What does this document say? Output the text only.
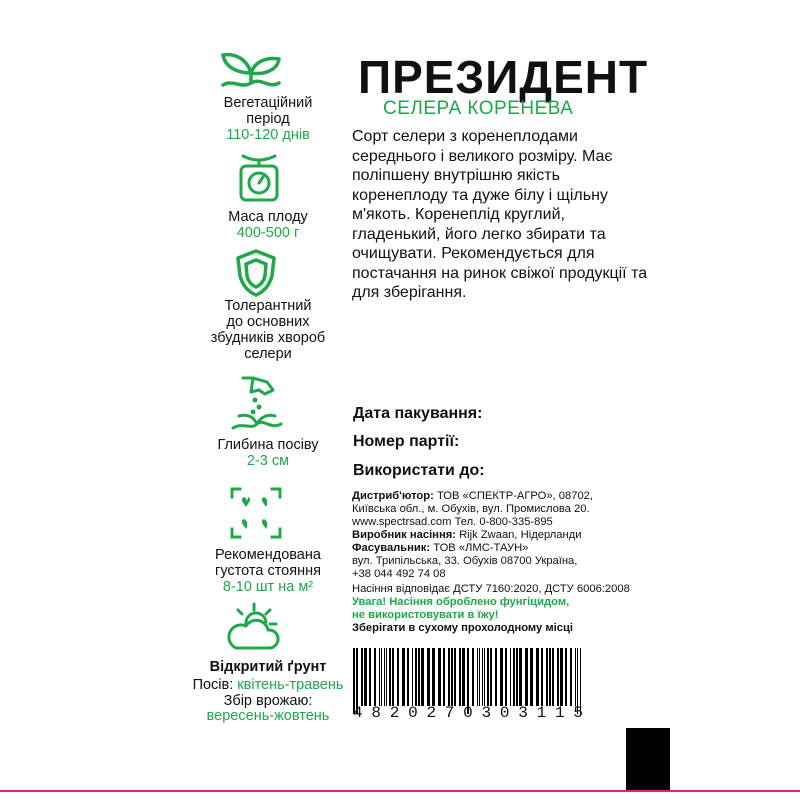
Вегетаційний
період
110-120 днів
Маса плоду
400-500 г
Толерантний
до основних
збудників хвороб
селери
Глибина посіву
2-3 см
Рекомендована
густота стояння
8-10 шт на м²
Відкритий ґрунт
Посів: квітень-травень
Збір врожаю:
вересень-жовтень
ПРЕЗИДЕНТ
СЕЛЕРА КОРЕНЕВА
Сорт селери з коренеплодами середнього і великого розміру. Має поліпшену внутрішню якість коренеплоду та дуже білу і щільну м'якоть. Коренеплід круглий, гладенький, його легко збирати та очищувати. Рекомендується для постачання на ринок свіжої продукції та для зберігання.
Дата пакування:
Номер партії:
Використати до:
Дистриб'ютор: ТОВ «СПЕКТР-АГРО», 08702,
Київська обл., м. Обухів, вул. Промислова 20.
www.spectrsad.com Тел. 0-800-335-895
Виробник насіння: Rijk Zwaan, Нідерланди
Фасувальник: ТОВ «ЛМС-ТАУН»
вул. Трипільська, 33. Обухів 08700 Україна,
+38 044 492 74 08
Насіння відповідає ДСТУ 7160:2020, ДСТУ 6006:2008
Увага! Насіння оброблено фунгіцидом,
не використовувати в їжу!
Зберігати в сухому прохолодному місці
4 8 2 0 2 7 0 3 0 3 1 1 5
